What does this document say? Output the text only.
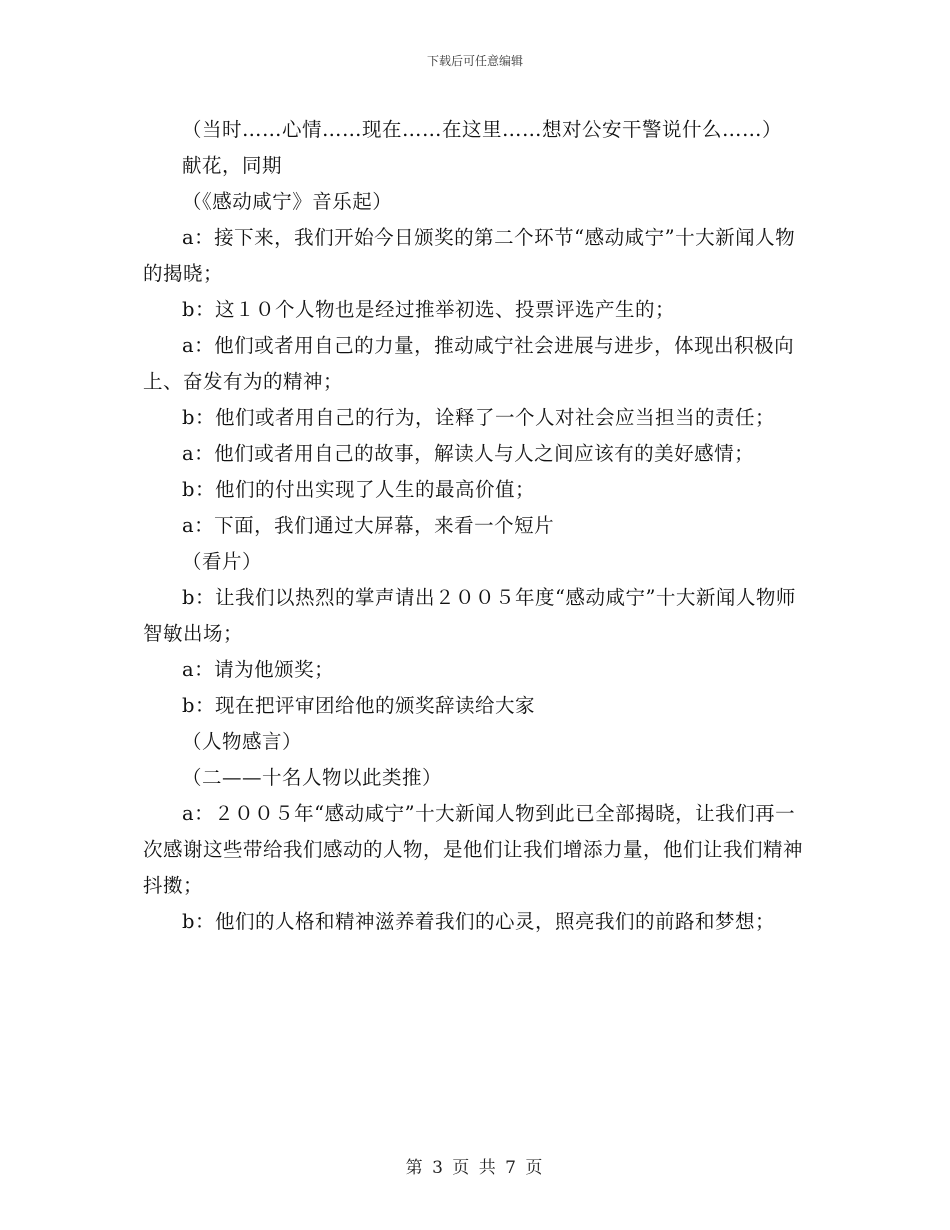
下载后可任意编辑

（当时……心情……现在……在这里……想对公安干警说什么……）

献花，同期

（《感动咸宁》音乐起）

a：接下来，我们开始今日颁奖的第二个环节“感动咸宁”十大新闻人物的揭晓；

b：这１０个人物也是经过推举初选、投票评选产生的；

a：他们或者用自己的力量，推动咸宁社会进展与进步，体现出积极向上、奋发有为的精神；

b：他们或者用自己的行为，诠释了一个人对社会应当担当的责任；

a：他们或者用自己的故事，解读人与人之间应该有的美好感情；

b：他们的付出实现了人生的最高价值；

a：下面，我们通过大屏幕，来看一个短片

（看片）

b：让我们以热烈的掌声请出２００５年度“感动咸宁”十大新闻人物师智敏出场；

a：请为他颁奖；

b：现在把评审团给他的颁奖辞读给大家

（人物感言）

（二——十名人物以此类推）

a：２００５年“感动咸宁”十大新闻人物到此已全部揭晓，让我们再一次感谢这些带给我们感动的人物，是他们让我们增添力量，他们让我们精神抖擞；

b：他们的人格和精神滋养着我们的心灵，照亮我们的前路和梦想；

第 3 页 共 7 页
